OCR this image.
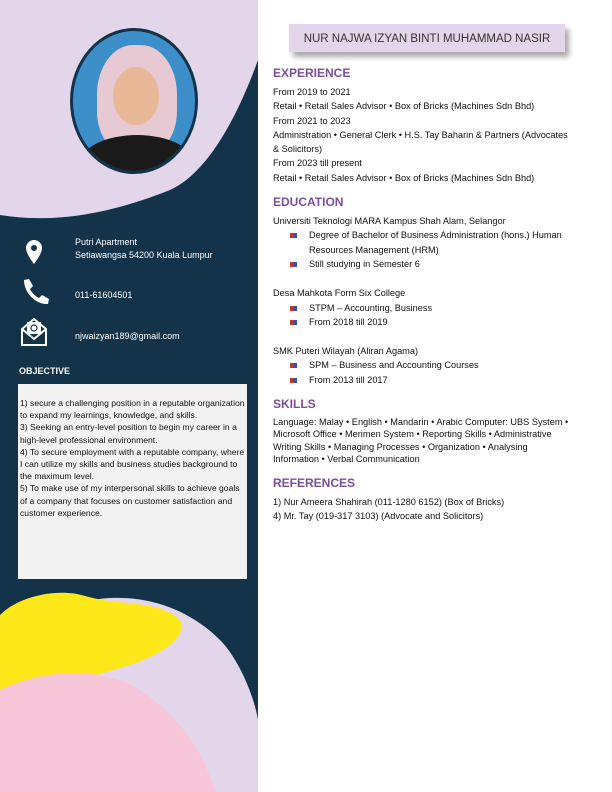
Putri Apartment
Setiawangsa 54200 Kuala Lumpur
011-61604501
njwaizyan189@gmail.com
OBJECTIVE
1) secure a challenging position in a reputable organization to expand my learnings, knowledge, and skills.
3) Seeking an entry-level position to begin my career in a high-level professional environment.
4) To secure employment with a reputable company, where I can utilize my skills and business studies background to the maximum level.
5) To make use of my interpersonal skills to achieve goals of a company that focuses on customer satisfaction and customer experience.
NUR NAJWA IZYAN BINTI MUHAMMAD NASIR
EXPERIENCE
From 2019 to 2021
Retail • Retail Sales Advisor • Box of Bricks (Machines Sdn Bhd)
From 2021 to 2023
Administration • General Clerk • H.S. Tay Baharin & Partners (Advocates & Solicitors)
From 2023 till present
Retail • Retail Sales Advisor • Box of Bricks (Machines Sdn Bhd)
EDUCATION
Universiti Teknologi MARA Kampus Shah Alam, Selangor
Degree of Bachelor of Business Administration (hons.) Human Resources Management (HRM)
Still studying in Semester 6
Desa Mahkota Form Six College
STPM – Accounting, Business
From 2018 till 2019
SMK Puteri Wilayah (Aliran Agama)
SPM – Business and Accounting Courses
From 2013 till 2017
SKILLS
Language: Malay • English • Mandarin • Arabic Computer: UBS System • Microsoft Office • Merimen System • Reporting Skills • Administrative Writing Skills • Managing Processes • Organization • Analysing Information • Verbal Communication
REFERENCES
1) Nur Ameera Shahirah (011-1280 6152) (Box of Bricks)
4) Mr. Tay (019-317 3103) (Advocate and Solicitors)
